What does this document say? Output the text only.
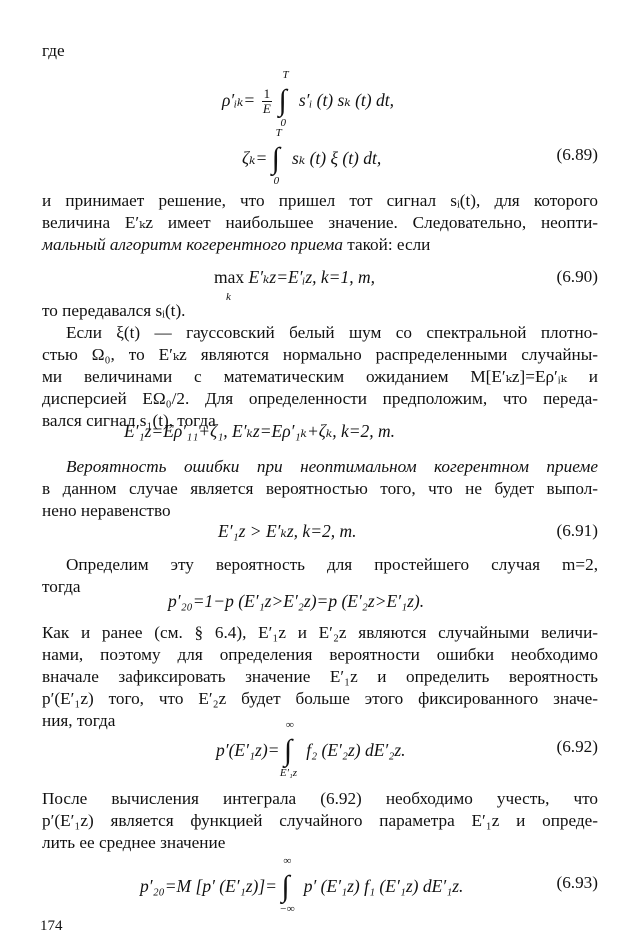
где
ρ′ᵢₖ= $\frac{1}{E}$ ∫
T
0
s′ᵢ (t) sₖ (t) dt,
ζₖ= ∫
T
0
sₖ (t) ξ (t) dt,	(6.89)
и принимает решение, что пришел тот сигнал sᵢ(t), для которого
величина E′ₖz имеет наибольшее значение. Следовательно, неопти-
мальный алгоритм когерентного приема такой: если
max
k
E′ₖz=E′ᵢz, k=1, m,	(6.90)
то передавался sᵢ(t).
Если ξ(t) — гауссовский белый шум со спектральной плотно-
стью Ω₀, то E′ₖz являются нормально распределенными случайны-
ми величинами с математическим ожиданием M[E′ₖz]=Eρ′ᵢₖ и
дисперсией EΩ₀/2. Для определенности предположим, что переда-
вался сигнал s₁(t), тогда
E′₁z=Eρ′₁₁+ζ₁, E′ₖz=Eρ′₁ₖ+ζₖ, k=2, m.
Вероятность ошибки при неоптимальном когерентном приеме
в данном случае является вероятностью того, что не будет выпол-
нено неравенство
E′₁z > E′ₖz, k=2, m.	(6.91)
Определим эту вероятность для простейшего случая m=2,
тогда
p′₂₀=1−p (E′₁z>E′₂z)=p (E′₂z>E′₁z).
Как и ранее (см. § 6.4), E′₁z и E′₂z являются случайными величи-
нами, поэтому для определения вероятности ошибки необходимо
вначале зафиксировать значение E′₁z и определить вероятность
p′(E′₁z) того, что E′₂z будет больше этого фиксированного значе-
ния, тогда
p′(E′₁z)= ∫
∞
E′₁z
f₂ (E′₂z) dE′₂z.	(6.92)
После вычисления интеграла (6.92) необходимо учесть, что
p′(E′₁z) является функцией случайного параметра E′₁z и опреде-
лить ее среднее значение
p′₂₀=M [p′ (E′₁z)]= ∫
∞
−∞
p′ (E′₁z) f₁ (E′₁z) dE′₁z.	(6.93)
174
